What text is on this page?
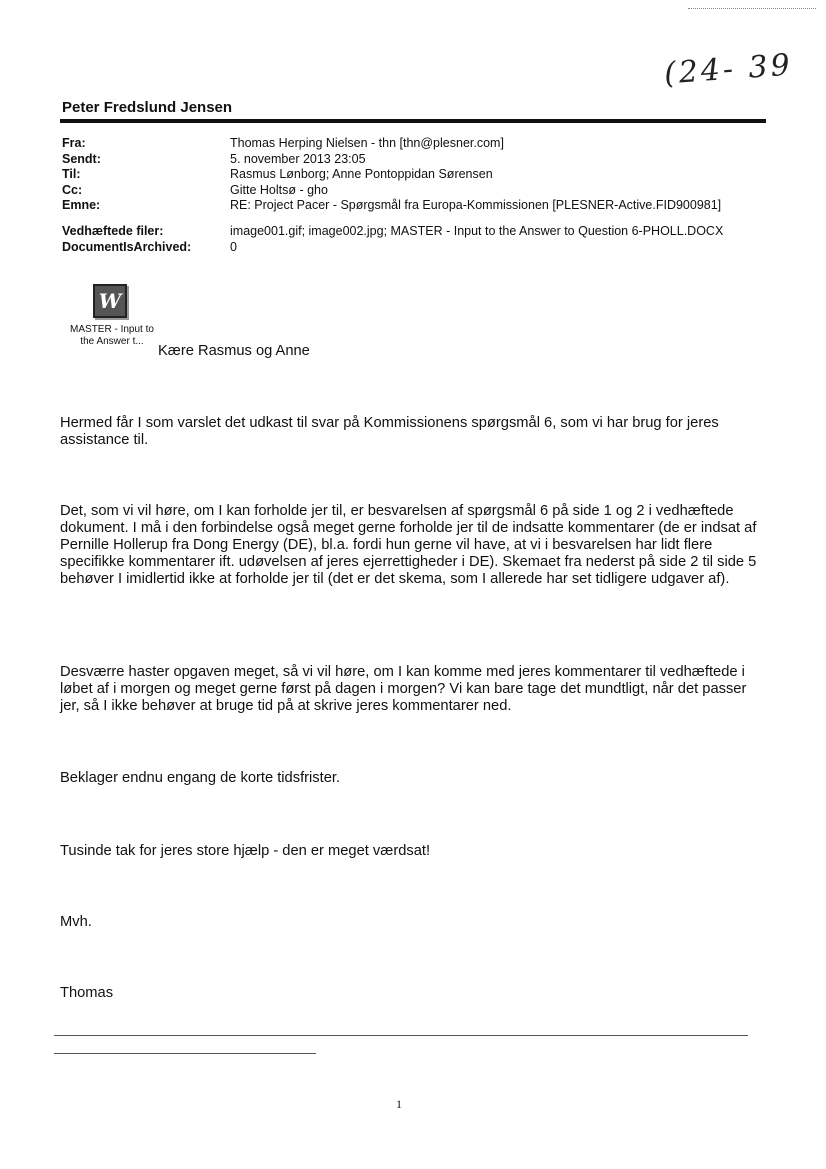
(24- 39
Peter Fredslund Jensen
Fra:	Thomas Herping Nielsen - thn [thn@plesner.com]
Sendt:	5. november 2013 23:05
Til:	Rasmus Lønborg; Anne Pontoppidan Sørensen
Cc:	Gitte Holtsø - gho
Emne:	RE: Project Pacer - Spørgsmål fra Europa-Kommissionen [PLESNER-Active.FID900981]
Vedhæftede filer:	image001.gif; image002.jpg; MASTER - Input to the Answer to Question 6-PHOLL.DOCX
DocumentIsArchived:	0
W
MASTER - Input to
the Answer t...

Kære Rasmus og Anne

Hermed får I som varslet det udkast til svar på Kommissionens spørgsmål 6, som vi har brug for jeres assistance til.

Det, som vi vil høre, om I kan forholde jer til, er besvarelsen af spørgsmål 6 på side 1 og 2 i vedhæftede dokument. I må i den forbindelse også meget gerne forholde jer til de indsatte kommentarer (de er indsat af Pernille Hollerup fra Dong Energy (DE), bl.a. fordi hun gerne vil have, at vi i besvarelsen har lidt flere specifikke kommentarer ift. udøvelsen af jeres ejerrettigheder i DE). Skemaet fra nederst på side 2 til side 5 behøver I imidlertid ikke at forholde jer til (det er det skema, som I allerede har set tidligere udgaver af).

Desværre haster opgaven meget, så vi vil høre, om I kan komme med jeres kommentarer til vedhæftede i løbet af i morgen og meget gerne først på dagen i morgen? Vi kan bare tage det mundtligt, når det passer jer, så I ikke behøver at bruge tid på at skrive jeres kommentarer ned.

Beklager endnu engang de korte tidsfrister.

Tusinde tak for jeres store hjælp - den er meget værdsat!

Mvh.

Thomas

1
